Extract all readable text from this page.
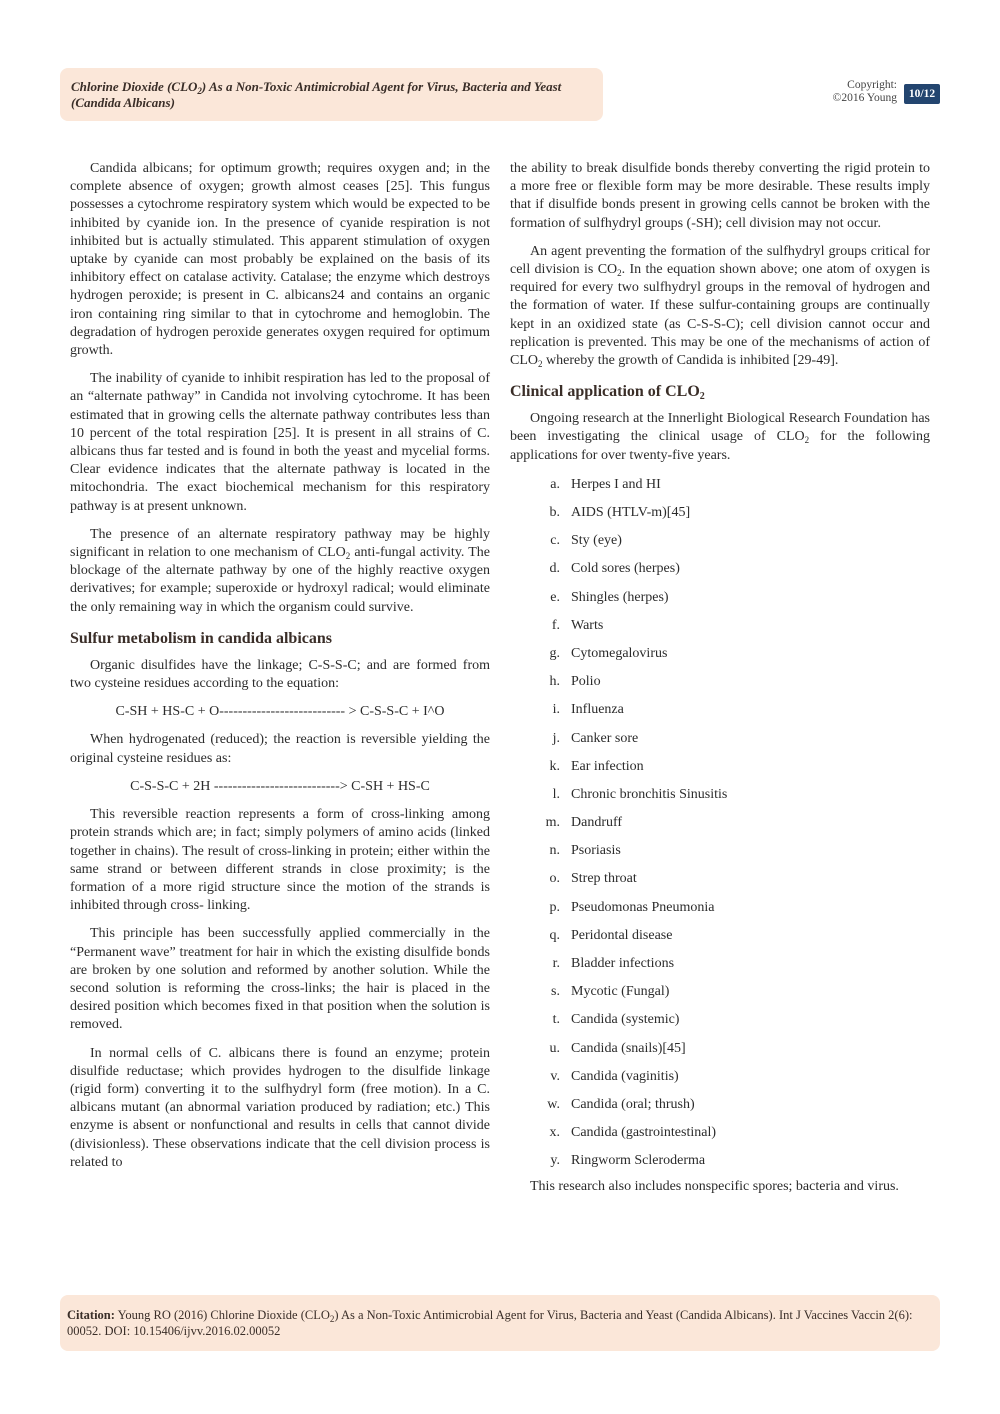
Chlorine Dioxide $(CLO_2)$ As a Non-Toxic Antimicrobial Agent for Virus, Bacteria and Yeast
(Candida Albicans)
Copyright:
©2016 Young	10/12

Candida albicans; for optimum growth; requires oxygen and; in the complete absence of oxygen; growth almost ceases [25]. This fungus possesses a cytochrome respiratory system which would be expected to be inhibited by cyanide ion. In the presence of cyanide respiration is not inhibited but is actually stimulated. This apparent stimulation of oxygen uptake by cyanide can most probably be explained on the basis of its inhibitory effect on catalase activity. Catalase; the enzyme which destroys hydrogen peroxide; is present in C. albicans24 and contains an organic iron containing ring similar to that in cytochrome and hemoglobin. The degradation of hydrogen peroxide generates oxygen required for optimum growth.

The inability of cyanide to inhibit respiration has led to the proposal of an “alternate pathway” in Candida not involving cytochrome. It has been estimated that in growing cells the alternate pathway contributes less than 10 percent of the total respiration [25]. It is present in all strains of C. albicans thus far tested and is found in both the yeast and mycelial forms. Clear evidence indicates that the alternate pathway is located in the mitochondria. The exact biochemical mechanism for this respiratory pathway is at present unknown.

The presence of an alternate respiratory pathway may be highly significant in relation to one mechanism of $CLO_2$ anti-fungal activity. The blockage of the alternate pathway by one of the highly reactive oxygen derivatives; for example; superoxide or hydroxyl radical; would eliminate the only remaining way in which the organism could survive.

Sulfur metabolism in candida albicans

Organic disulfides have the linkage; C-S-S-C; and are formed from two cysteine residues according to the equation:

C-SH + HS-C + O--------------------------- > C-S-S-C + I^O

When hydrogenated (reduced); the reaction is reversible yielding the original cysteine residues as:

C-S-S-C + 2H ---------------------------> C-SH + HS-C

This reversible reaction represents a form of cross-linking among protein strands which are; in fact; simply polymers of amino acids (linked together in chains). The result of cross-linking in protein; either within the same strand or between different strands in close proximity; is the formation of a more rigid structure since the motion of the strands is inhibited through cross- linking.

This principle has been successfully applied commercially in the “Permanent wave” treatment for hair in which the existing disulfide bonds are broken by one solution and reformed by another solution. While the second solution is reforming the cross-links; the hair is placed in the desired position which becomes fixed in that position when the solution is removed.

In normal cells of C. albicans there is found an enzyme; protein disulfide reductase; which provides hydrogen to the disulfide linkage (rigid form) converting it to the sulfhydryl form (free motion). In a C. albicans mutant (an abnormal variation produced by radiation; etc.) This enzyme is absent or nonfunctional and results in cells that cannot divide (divisionless). These observations indicate that the cell division process is related to

the ability to break disulfide bonds thereby converting the rigid protein to a more free or flexible form may be more desirable. These results imply that if disulfide bonds present in growing cells cannot be broken with the formation of sulfhydryl groups (-SH); cell division may not occur.

An agent preventing the formation of the sulfhydryl groups critical for cell division is $CO_2$. In the equation shown above; one atom of oxygen is required for every two sulfhydryl groups in the removal of hydrogen and the formation of water. If these sulfur-containing groups are continually kept in an oxidized state (as C-S-S-C); cell division cannot occur and replication is prevented. This may be one of the mechanisms of action of $CLO_2$ whereby the growth of Candida is inhibited [29-49].

Clinical application of $CLO_2$

Ongoing research at the Innerlight Biological Research Foundation has been investigating the clinical usage of $CLO_2$ for the following applications for over twenty-five years.

a. Herpes I and HI
b. AIDS (HTLV-m)[45]
c. Sty (eye)
d. Cold sores (herpes)
e. Shingles (herpes)
f. Warts
g. Cytomegalovirus
h. Polio
i. Influenza
j. Canker sore
k. Ear infection
l. Chronic bronchitis Sinusitis
m. Dandruff
n. Psoriasis
o. Strep throat
p. Pseudomonas Pneumonia
q. Peridontal disease
r. Bladder infections
s. Mycotic (Fungal)
t. Candida (systemic)
u. Candida (snails)[45]
v. Candida (vaginitis)
w. Candida (oral; thrush)
x. Candida (gastrointestinal)
y. Ringworm Scleroderma

This research also includes nonspecific spores; bacteria and virus.

Citation: Young RO (2016) Chlorine Dioxide $(CLO_2)$ As a Non-Toxic Antimicrobial Agent for Virus, Bacteria and Yeast (Candida Albicans). Int J Vaccines Vaccin 2(6): 00052. DOI: 10.15406/ijvv.2016.02.00052
